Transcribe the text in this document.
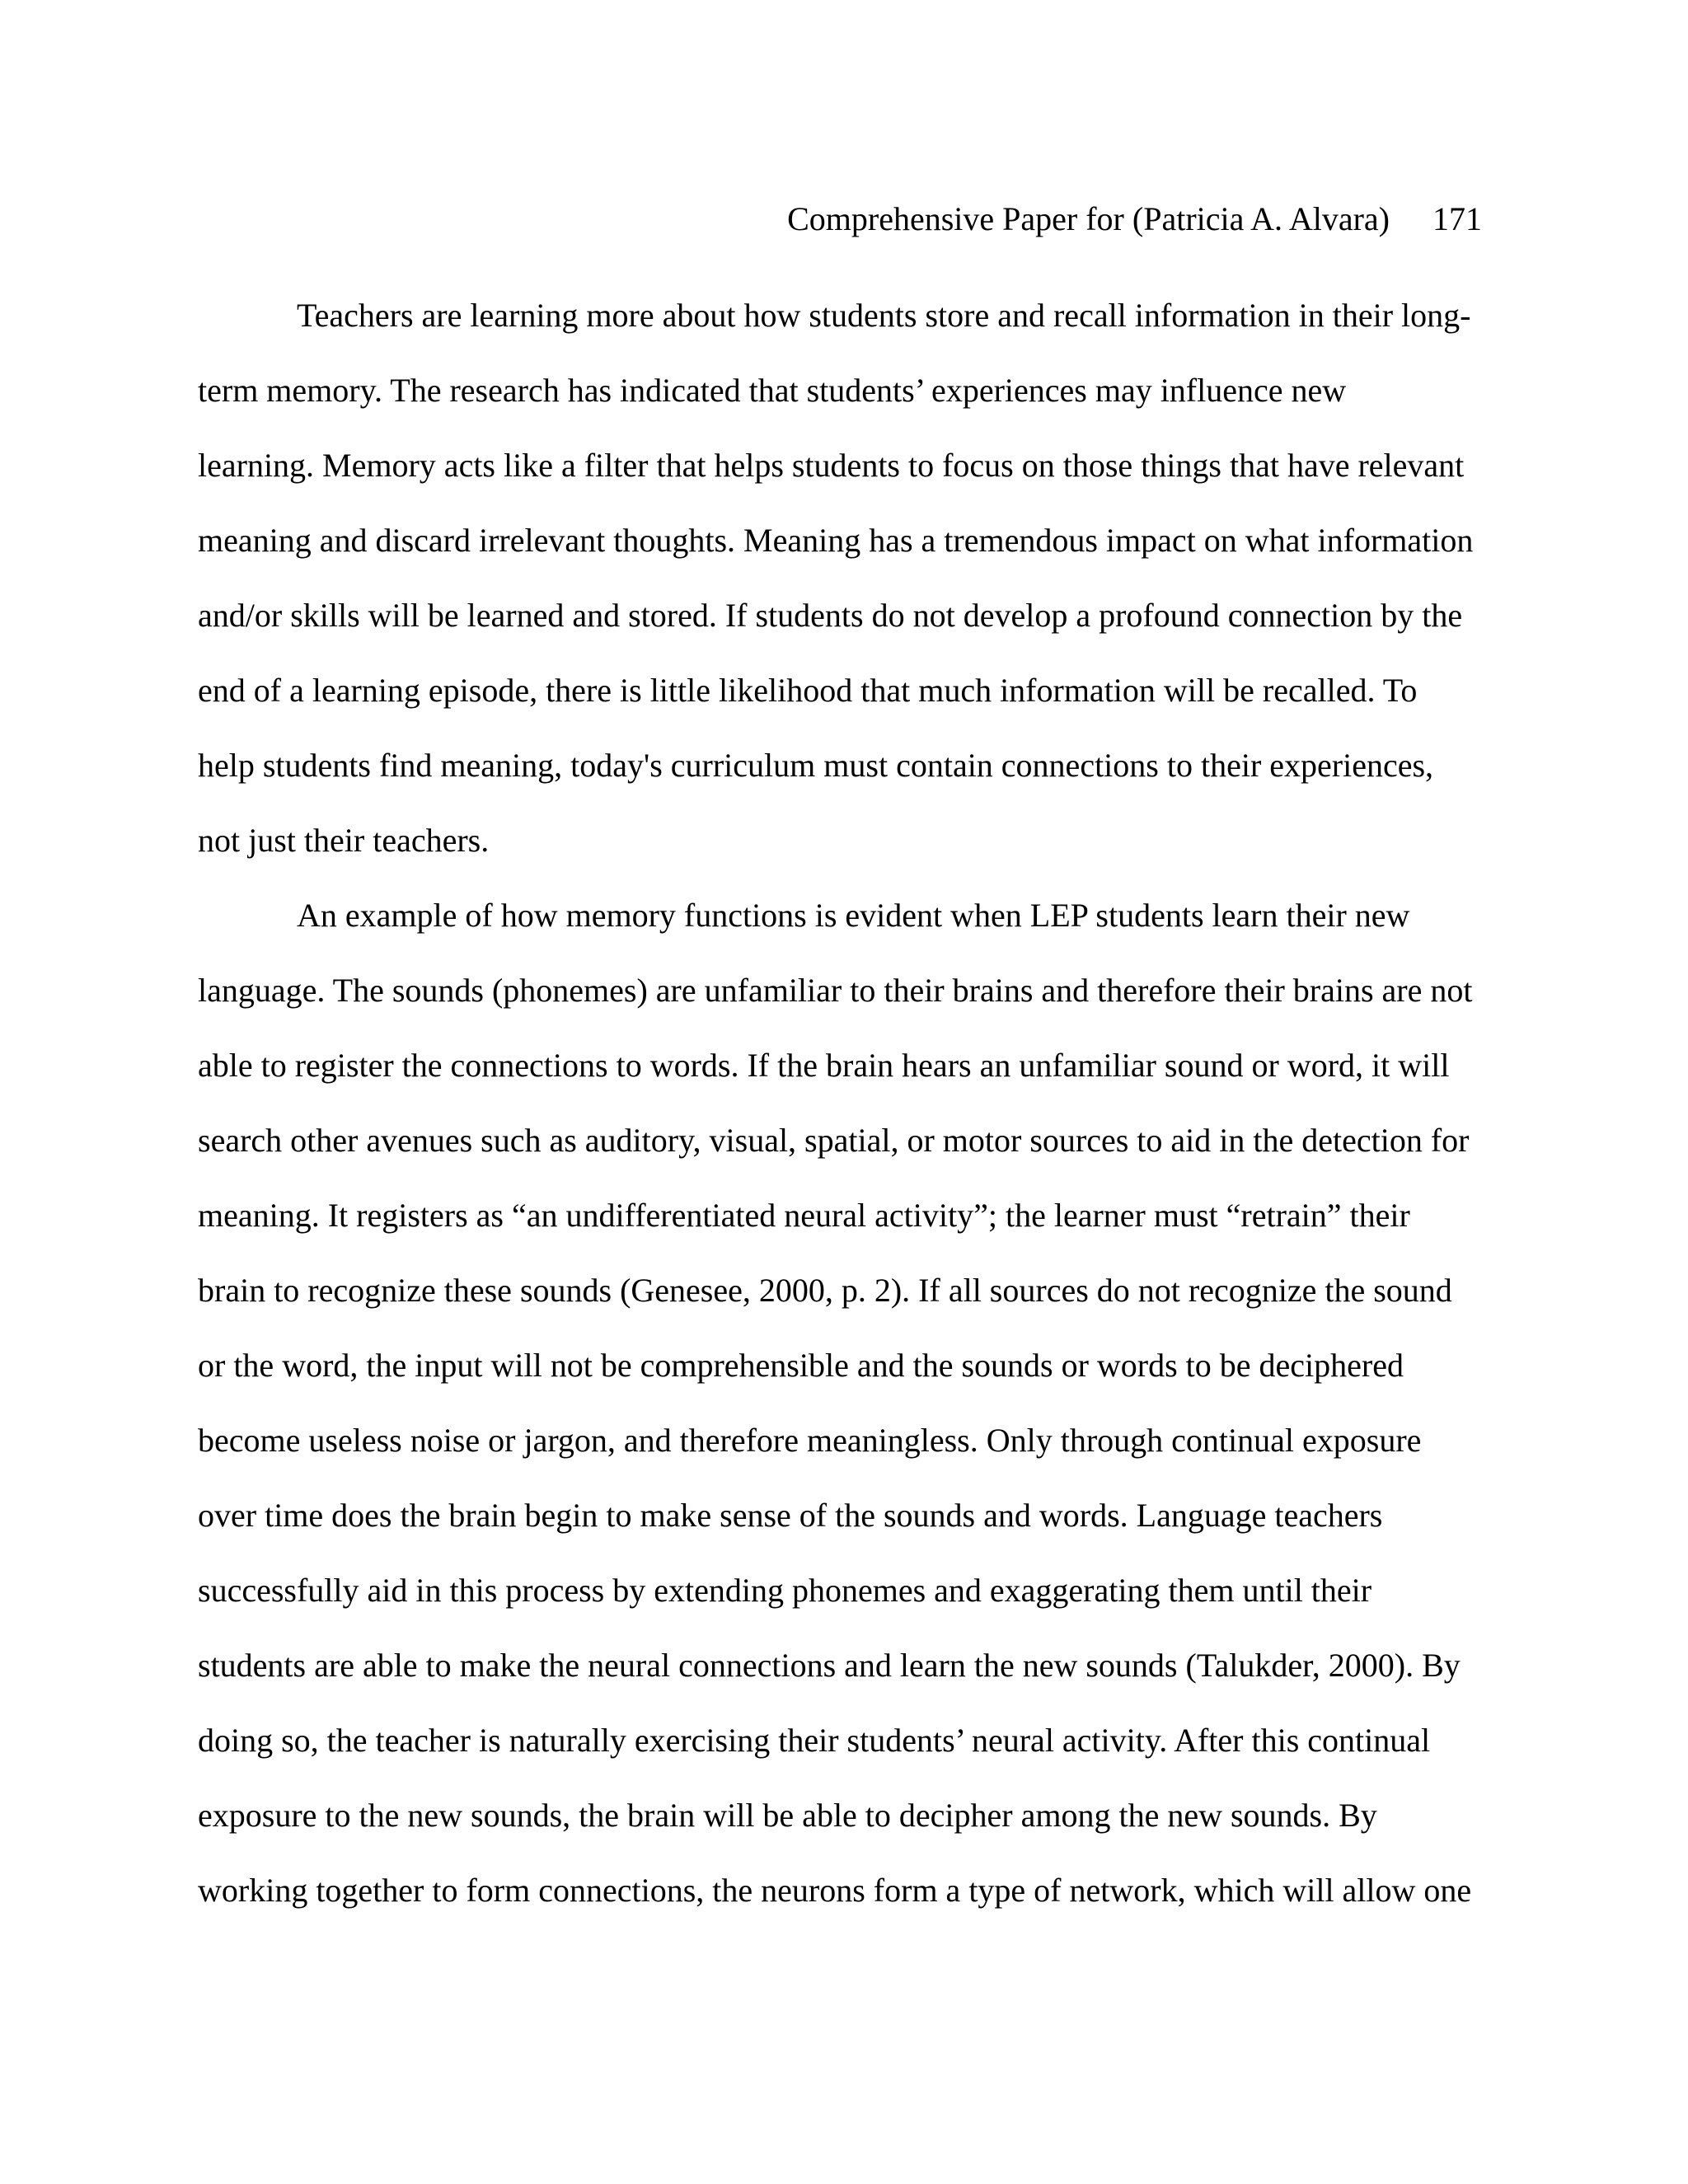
Comprehensive Paper for (Patricia A. Alvara) 171
Teachers are learning more about how students store and recall information in their long-
term memory. The research has indicated that students’ experiences may influence new
learning. Memory acts like a filter that helps students to focus on those things that have relevant
meaning and discard irrelevant thoughts. Meaning has a tremendous impact on what information
and/or skills will be learned and stored. If students do not develop a profound connection by the
end of a learning episode, there is little likelihood that much information will be recalled. To
help students find meaning, today's curriculum must contain connections to their experiences,
not just their teachers.
An example of how memory functions is evident when LEP students learn their new
language. The sounds (phonemes) are unfamiliar to their brains and therefore their brains are not
able to register the connections to words. If the brain hears an unfamiliar sound or word, it will
search other avenues such as auditory, visual, spatial, or motor sources to aid in the detection for
meaning. It registers as “an undifferentiated neural activity”; the learner must “retrain” their
brain to recognize these sounds (Genesee, 2000, p. 2). If all sources do not recognize the sound
or the word, the input will not be comprehensible and the sounds or words to be deciphered
become useless noise or jargon, and therefore meaningless. Only through continual exposure
over time does the brain begin to make sense of the sounds and words. Language teachers
successfully aid in this process by extending phonemes and exaggerating them until their
students are able to make the neural connections and learn the new sounds (Talukder, 2000). By
doing so, the teacher is naturally exercising their students’ neural activity. After this continual
exposure to the new sounds, the brain will be able to decipher among the new sounds. By
working together to form connections, the neurons form a type of network, which will allow one
